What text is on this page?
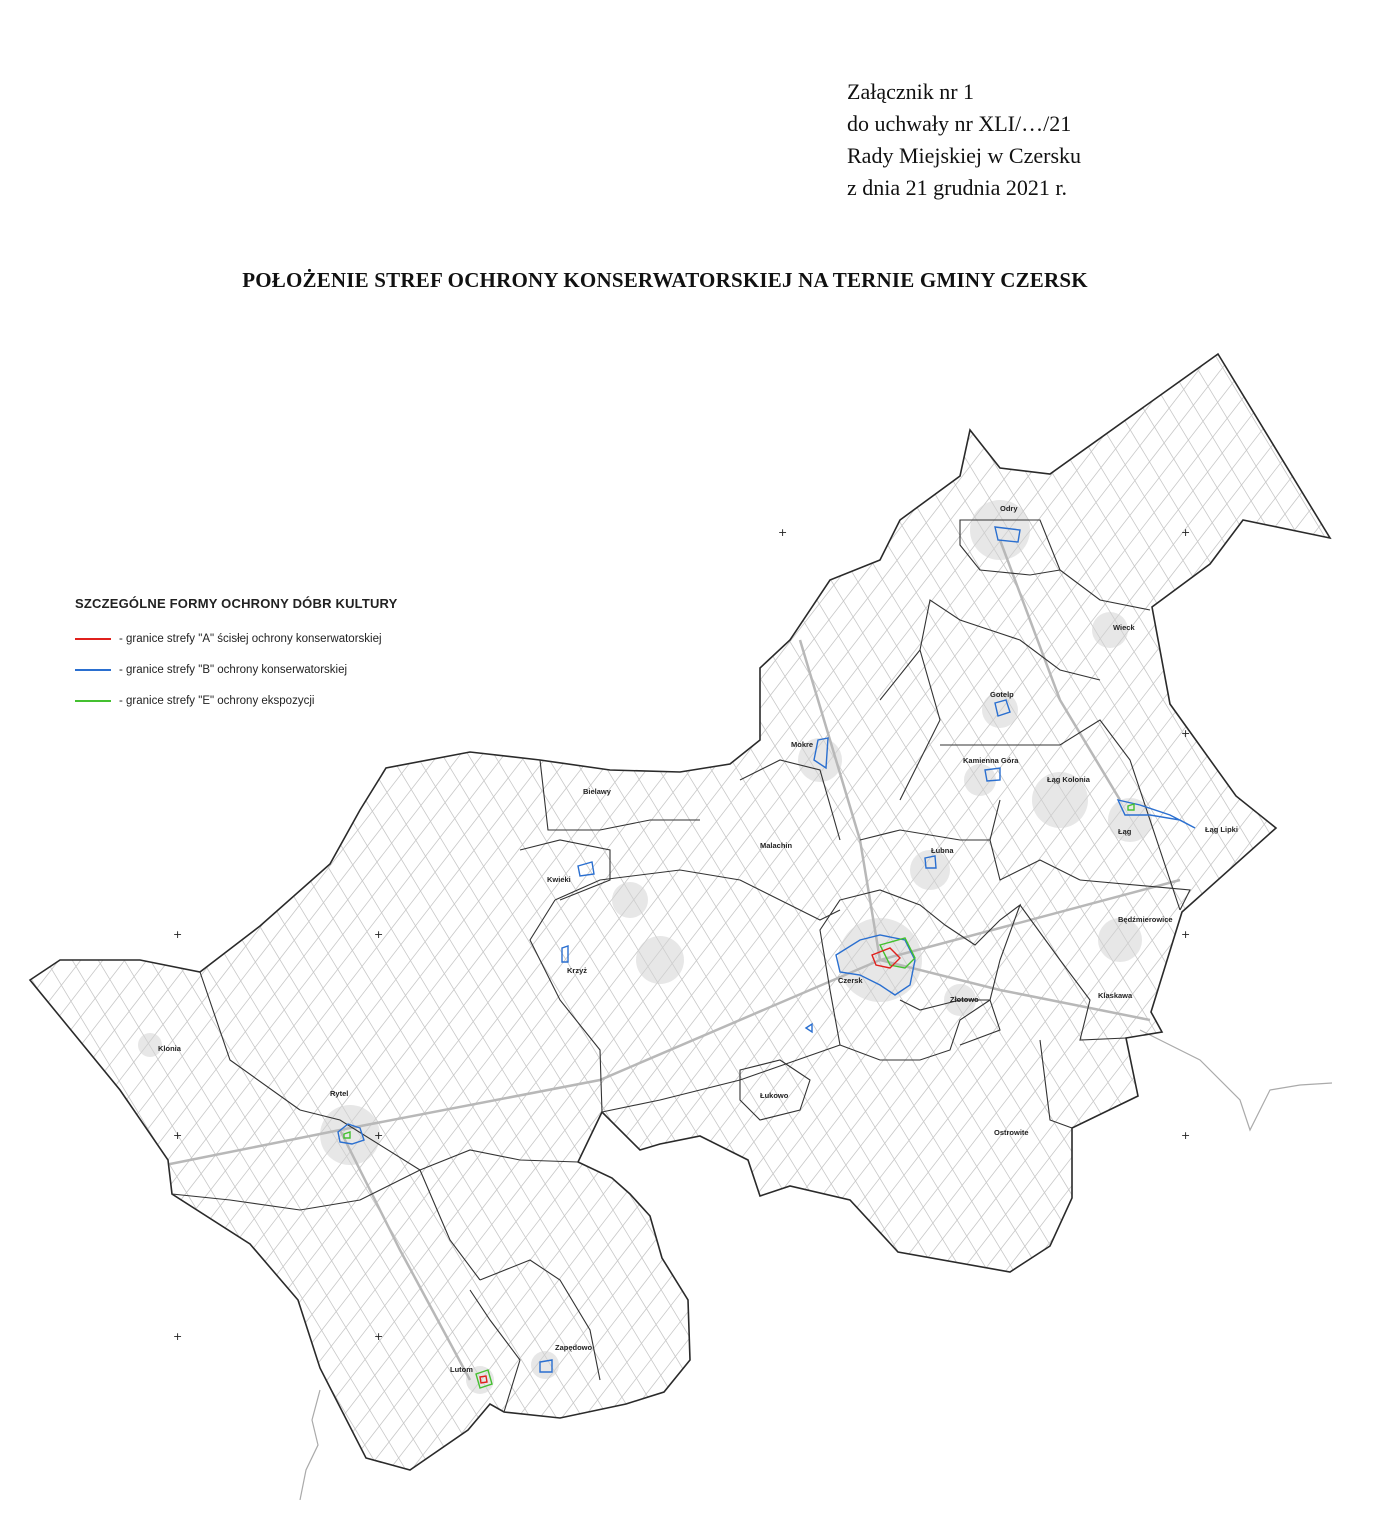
Załącznik nr 1
do uchwały nr XLI/…/21
Rady Miejskiej w Czersku
z dnia 21 grudnia 2021 r.
POŁOŻENIE STREF OCHRONY KONSERWATORSKIEJ NA TERNIE GMINY CZERSK
Odry
Wieck
Gotelp
Mokre
Kamienna Góra
Łąg Kolonia
Łąg	Łąg Lipki
Bielawy
Malachin
Łubna
Kwieki
Będźmierowice
Krzyż
Czersk
Złotowo	Klaskawa
Klonia
Rytel	Łukowo
Ostrowite
Zapędowo
Lutom
+	+
+
+	+	+
+	+	+
+	+
SZCZEGÓLNE FORMY OCHRONY DÓBR KULTURY
- granice strefy "A" ścisłej ochrony konserwatorskiej
- granice strefy "B" ochrony konserwatorskiej
- granice strefy "E" ochrony ekspozycji
